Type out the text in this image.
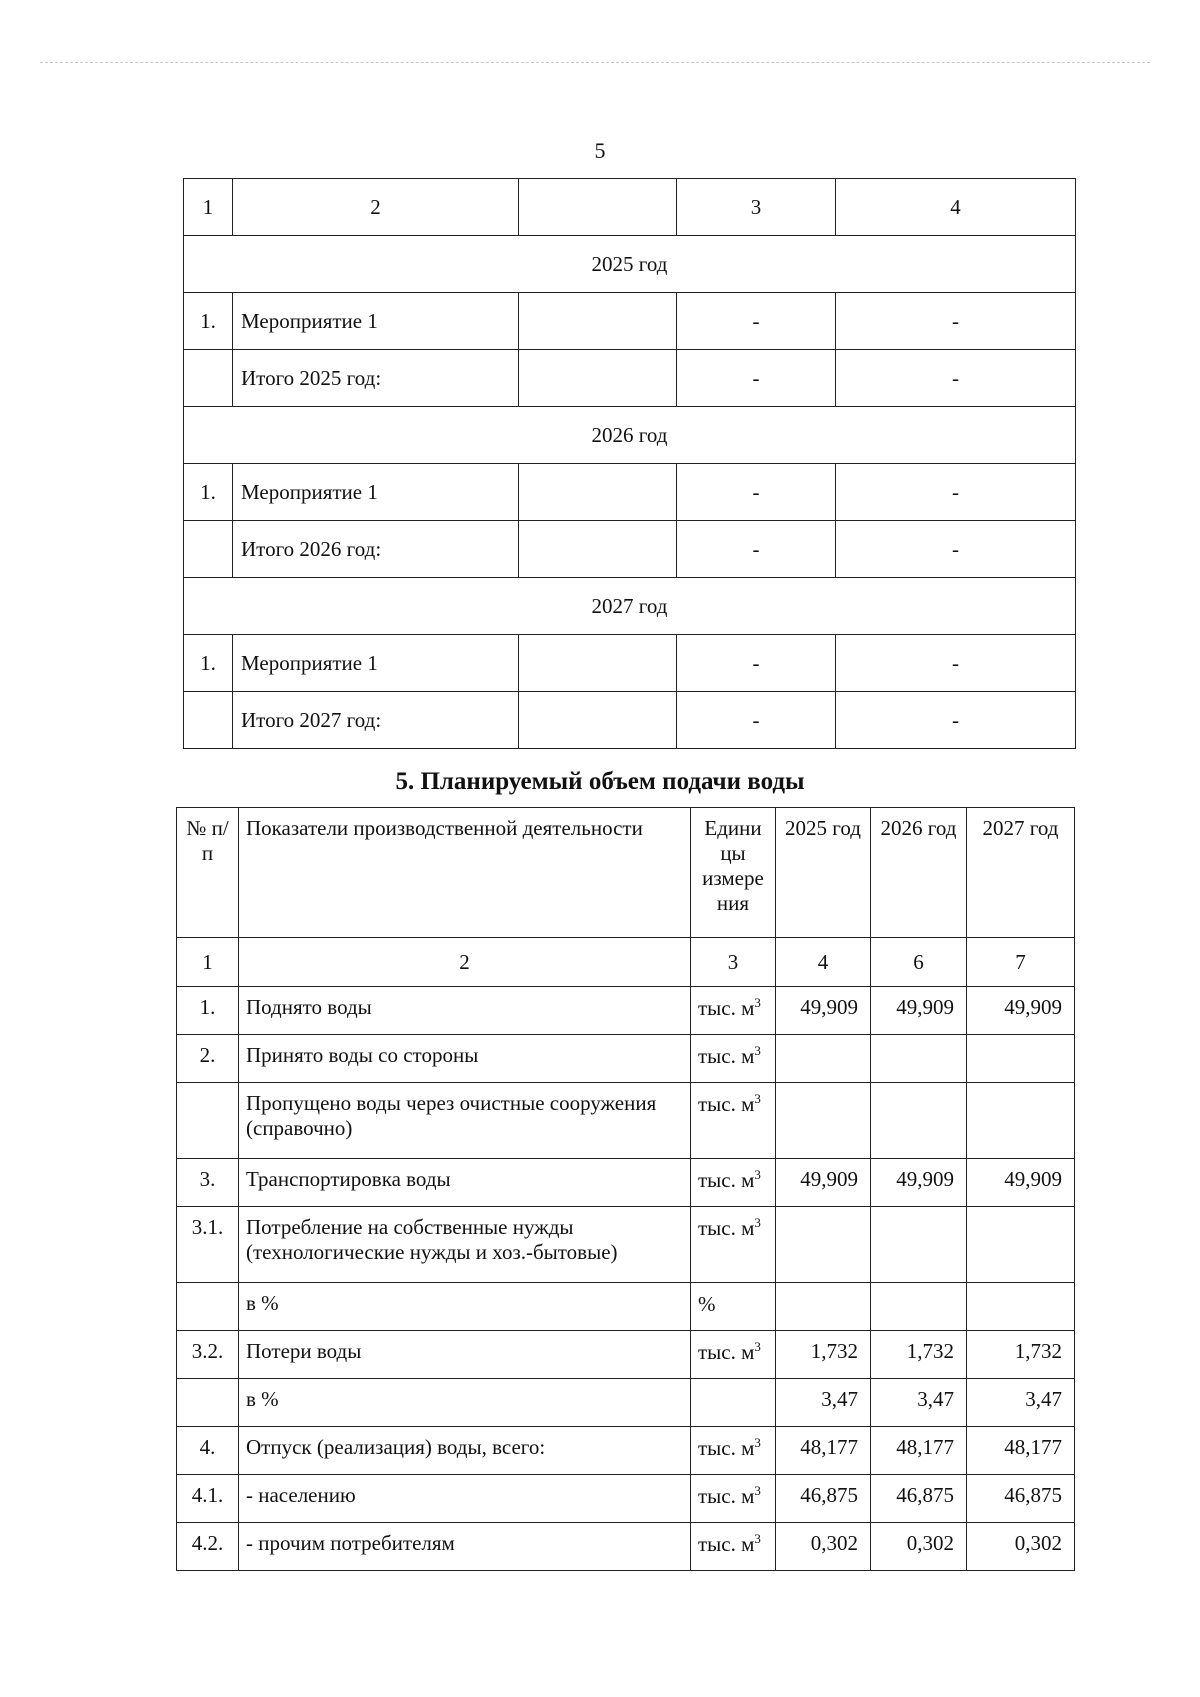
5
1	2		3	4
2025 год				
1.	Мероприятие 1		-	-
	Итого 2025 год:		-	-
2026 год				
1.	Мероприятие 1		-	-
	Итого 2026 год:		-	-
2027 год				
1.	Мероприятие 1		-	-
	Итого 2027 год:		-	-
5. Планируемый объем подачи воды
№ п/п	Показатели производственной деятельности	Едини цы измере ния	2025 год	2026 год	2027 год
1	2	3	4	6	7
1.	Поднято воды	тыс. $м^3$	49,909	49,909	49,909
2.	Принято воды со стороны	тыс. $м^3$			
	Пропущено воды через очистные сооружения (справочно)	тыс. $м^3$			
3.	Транспортировка воды	тыс. $м^3$	49,909	49,909	49,909
3.1.	Потребление на собственные нужды (технологические нужды и хоз.-бытовые)	тыс. $м^3$			
	в %	%			
3.2.	Потери воды	тыс. $м^3$	1,732	1,732	1,732
	в %		3,47	3,47	3,47
4.	Отпуск (реализация) воды, всего:	тыс. $м^3$	48,177	48,177	48,177
4.1.	- населению	тыс. $м^3$	46,875	46,875	46,875
4.2.	- прочим потребителям	тыс. $м^3$	0,302	0,302	0,302
